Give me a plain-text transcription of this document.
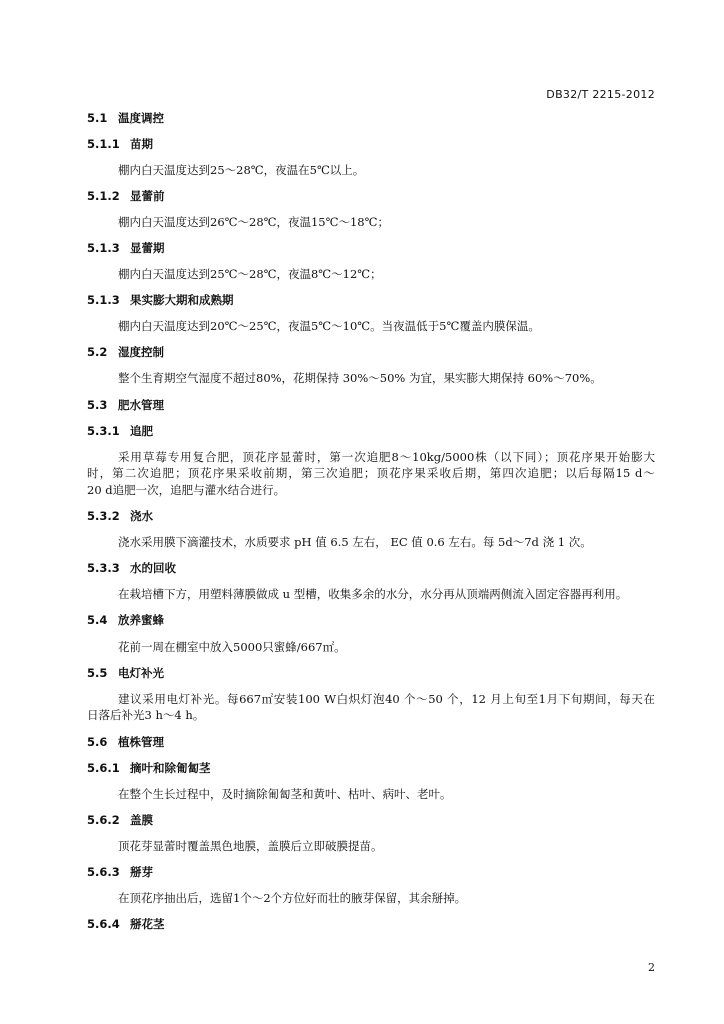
DB32/T 2215-2012
5.1 温度调控
5.1.1 苗期
棚内白天温度达到25～28℃，夜温在5℃以上。
5.1.2 显蕾前
棚内白天温度达到26℃～28℃，夜温15℃～18℃；
5.1.3 显蕾期
棚内白天温度达到25℃～28℃，夜温8℃～12℃；
5.1.3 果实膨大期和成熟期
棚内白天温度达到20℃～25℃，夜温5℃～10℃。当夜温低于5℃覆盖内膜保温。
5.2 湿度控制
整个生育期空气湿度不超过80%，花期保持 30%～50% 为宜，果实膨大期保持 60%～70%。
5.3 肥水管理
5.3.1 追肥
采用草莓专用复合肥，顶花序显蕾时，第一次追肥8～10kg/5000株（以下同）；顶花序果开始膨大
时，第二次追肥；顶花序果采收前期，第三次追肥；顶花序果采收后期，第四次追肥；以后每隔15 d～
20 d追肥一次，追肥与灌水结合进行。
5.3.2 浇水
浇水采用膜下滴灌技术，水质要求 pH 值 6.5 左右， EC 值 0.6 左右。每 5d～7d 浇 1 次。
5.3.3 水的回收
在栽培槽下方，用塑料薄膜做成 u 型槽，收集多余的水分，水分再从顶端两侧流入固定容器再利用。
5.4 放养蜜蜂
花前一周在棚室中放入5000只蜜蜂/667㎡。
5.5 电灯补光
建议采用电灯补光。每667㎡安装100 W白炽灯泡40 个～50 个，12 月上旬至1月下旬期间，每天在
日落后补光3 h～4 h。
5.6 植株管理
5.6.1 摘叶和除匍匐茎
在整个生长过程中，及时摘除匍匐茎和黄叶、枯叶、病叶、老叶。
5.6.2 盖膜
顶花芽显蕾时覆盖黑色地膜，盖膜后立即破膜提苗。
5.6.3 掰芽
在顶花序抽出后，选留1个～2个方位好而壮的腋芽保留，其余掰掉。
5.6.4 掰花茎
2
